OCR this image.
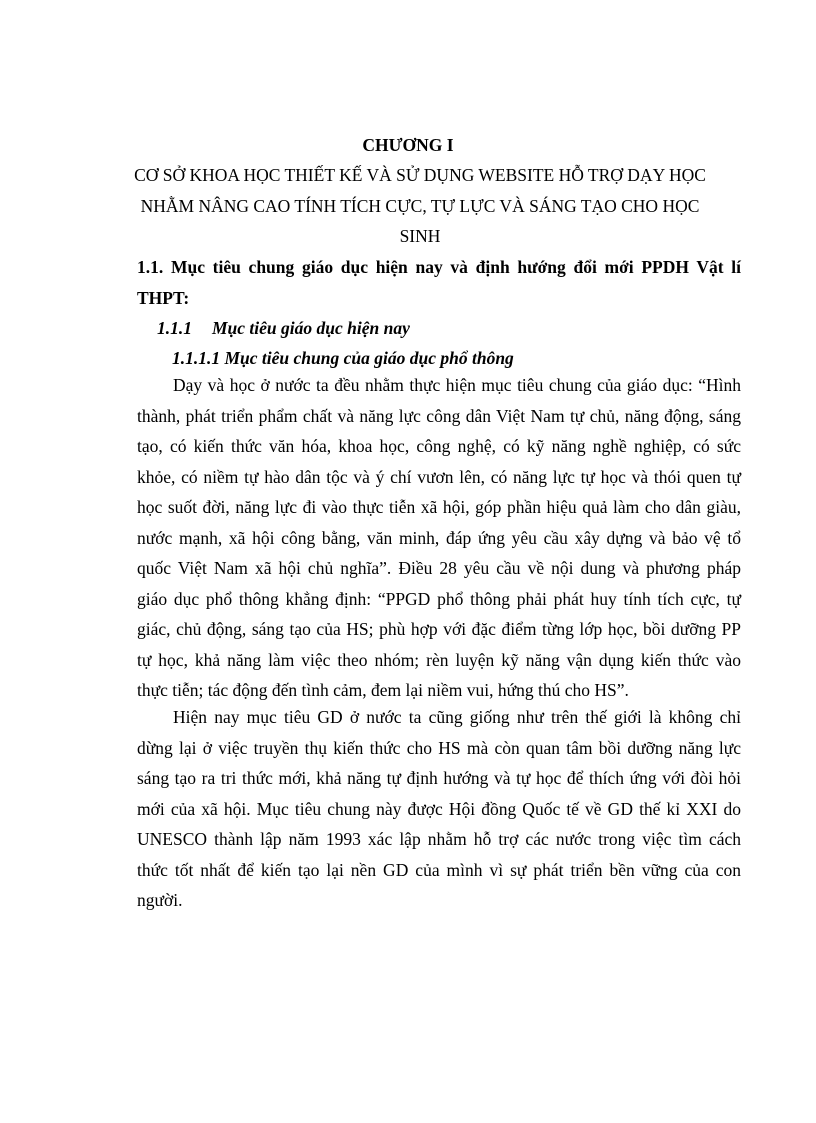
CHƯƠNG I
CƠ SỞ KHOA HỌC THIẾT KẾ VÀ SỬ DỤNG WEBSITE HỖ TRỢ DẠY HỌC
NHẰM NÂNG CAO TÍNH TÍCH CỰC, TỰ LỰC VÀ SÁNG TẠO CHO HỌC
SINH
1.1. Mục tiêu chung giáo dục hiện nay và định hướng đổi mới PPDH Vật lí
THPT:
1.1.1 Mục tiêu giáo dục hiện nay
1.1.1.1 Mục tiêu chung của giáo dục phổ thông
Dạy và học ở nước ta đều nhằm thực hiện mục tiêu chung của giáo dục: “Hình
thành, phát triển phẩm chất và năng lực công dân Việt Nam tự chủ, năng động, sáng
tạo, có kiến thức văn hóa, khoa học, công nghệ, có kỹ năng nghề nghiệp, có sức
khỏe, có niềm tự hào dân tộc và ý chí vươn lên, có năng lực tự học và thói quen tự
học suốt đời, năng lực đi vào thực tiễn xã hội, góp phần hiệu quả làm cho dân giàu,
nước mạnh, xã hội công bằng, văn minh, đáp ứng yêu cầu xây dựng và bảo vệ tổ
quốc Việt Nam xã hội chủ nghĩa”. Điều 28 yêu cầu về nội dung và phương pháp
giáo dục phổ thông khẳng định: “PPGD phổ thông phải phát huy tính tích cực, tự
giác, chủ động, sáng tạo của HS; phù hợp với đặc điểm từng lớp học, bồi dưỡng PP
tự học, khả năng làm việc theo nhóm; rèn luyện kỹ năng vận dụng kiến thức vào
thực tiễn; tác động đến tình cảm, đem lại niềm vui, hứng thú cho HS”.
Hiện nay mục tiêu GD ở nước ta cũng giống như trên thế giới là không chỉ
dừng lại ở việc truyền thụ kiến thức cho HS mà còn quan tâm bồi dưỡng năng lực
sáng tạo ra tri thức mới, khả năng tự định hướng và tự học để thích ứng với đòi hỏi
mới của xã hội. Mục tiêu chung này được Hội đồng Quốc tế về GD thế kỉ XXI do
UNESCO thành lập năm 1993 xác lập nhằm hỗ trợ các nước trong việc tìm cách
thức tốt nhất để kiến tạo lại nền GD của mình vì sự phát triển bền vững của con
người.
